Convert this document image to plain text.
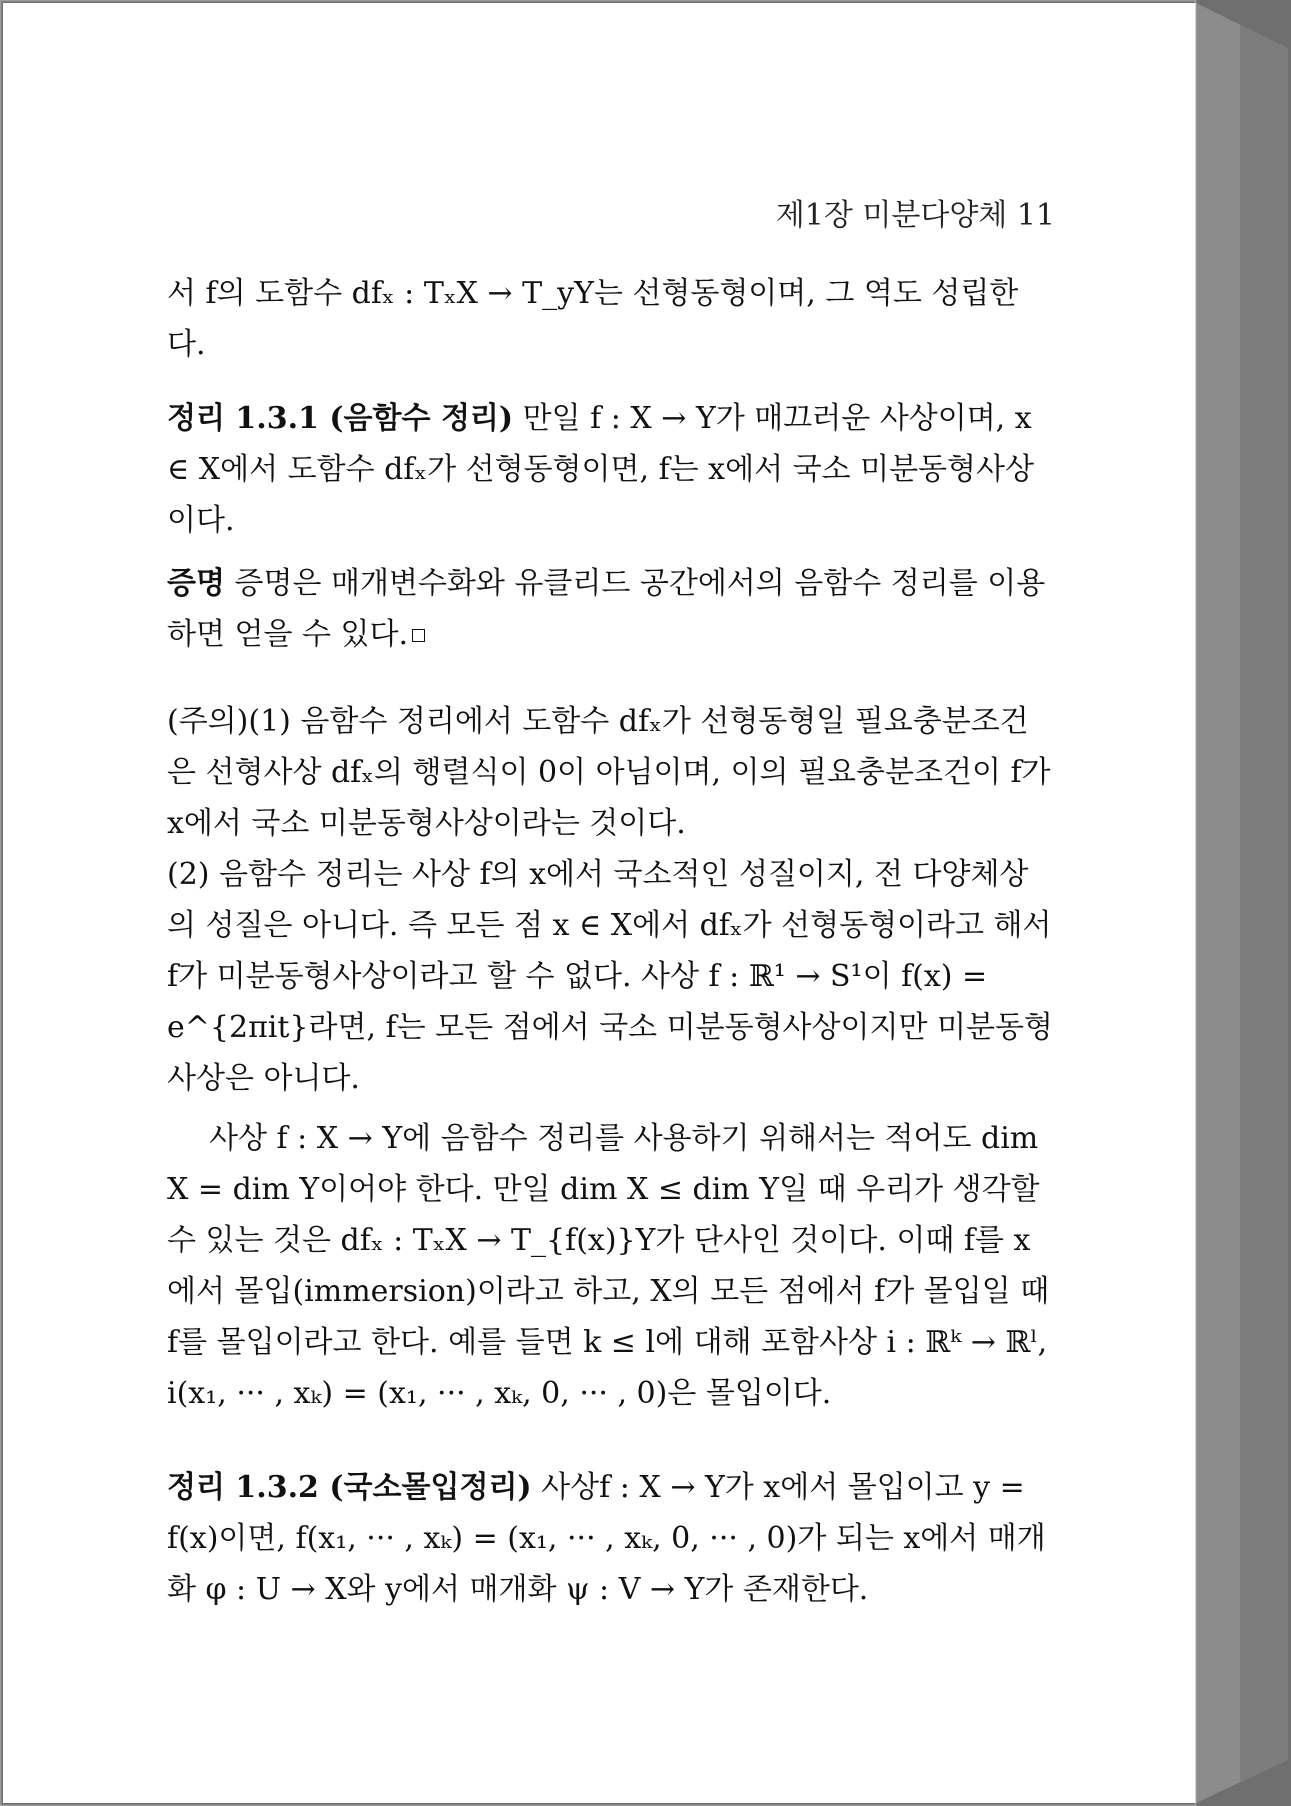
제1장 미분다양체 11

서 f의 도함수 dfₓ : TₓX → T_yY는 선형동형이며, 그 역도 성립한다.

정리 1.3.1 (음함수 정리) 만일 f : X → Y가 매끄러운 사상이며, x ∈ X에서 도함수 dfₓ가 선형동형이면, f는 x에서 국소 미분동형사상이다.

증명 증명은 매개변수화와 유클리드 공간에서의 음함수 정리를 이용하면 얻을 수 있다.

(주의)(1) 음함수 정리에서 도함수 dfₓ가 선형동형일 필요충분조건은 선형사상 dfₓ의 행렬식이 0이 아님이며, 이의 필요충분조건이 f가 x에서 국소 미분동형사상이라는 것이다.

(2) 음함수 정리는 사상 f의 x에서 국소적인 성질이지, 전 다양체상의 성질은 아니다. 즉 모든 점 x ∈ X에서 dfₓ가 선형동형이라고 해서 f가 미분동형사상이라고 할 수 없다. 사상 f : ℝ¹ → S¹이 f(x) = e^{2πit}라면, f는 모든 점에서 국소 미분동형사상이지만 미분동형사상은 아니다.

사상 f : X → Y에 음함수 정리를 사용하기 위해서는 적어도 dim X = dim Y이어야 한다. 만일 dim X ≤ dim Y일 때 우리가 생각할 수 있는 것은 dfₓ : TₓX → T_{f(x)}Y가 단사인 것이다. 이때 f를 x에서 몰입(immersion)이라고 하고, X의 모든 점에서 f가 몰입일 때 f를 몰입이라고 한다. 예를 들면 k ≤ l에 대해 포함사상 i : ℝᵏ → ℝˡ, i(x₁, ··· , xₖ) = (x₁, ··· , xₖ, 0, ··· , 0)은 몰입이다.

정리 1.3.2 (국소몰입정리) 사상f : X → Y가 x에서 몰입이고 y = f(x)이면, f(x₁, ··· , xₖ) = (x₁, ··· , xₖ, 0, ··· , 0)가 되는 x에서 매개화 φ : U → X와 y에서 매개화 ψ : V → Y가 존재한다.
